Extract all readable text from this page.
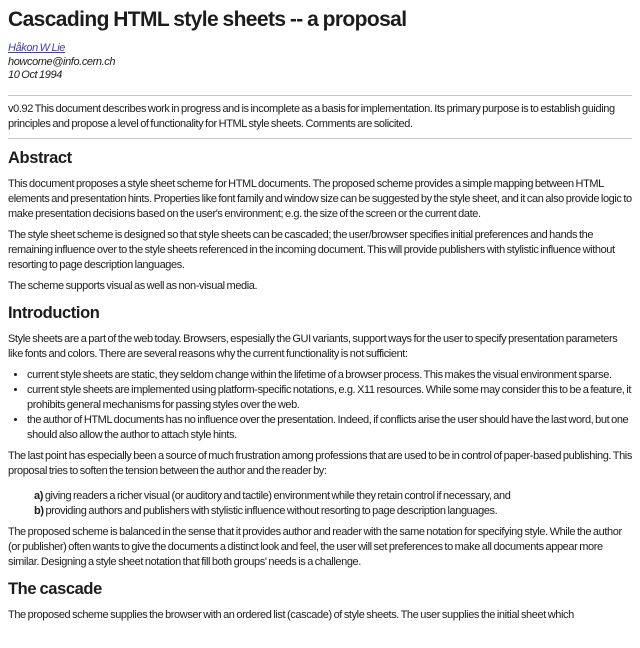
Cascading HTML style sheets -- a proposal
Håkon W Lie
howcome@info.cern.ch
10 Oct 1994

v0.92 This document describes work in progress and is incomplete as a basis for implementation. Its primary purpose is to establish guiding principles and propose a level of functionality for HTML style sheets. Comments are solicited.

Abstract

This document proposes a style sheet scheme for HTML documents. The proposed scheme provides a simple mapping between HTML elements and presentation hints. Properties like font family and window size can be suggested by the style sheet, and it can also provide logic to make presentation decisions based on the user's environment; e.g. the size of the screen or the current date.

The style sheet scheme is designed so that style sheets can be cascaded; the user/browser specifies initial preferences and hands the remaining influence over to the style sheets referenced in the incoming document. This will provide publishers with stylistic influence without resorting to page description languages.

The scheme supports visual as well as non-visual media.

Introduction

Style sheets are a part of the web today. Browsers, espesially the GUI variants, support ways for the user to specify presentation parameters like fonts and colors. There are several reasons why the current functionality is not sufficient:

• current style sheets are static, they seldom change within the lifetime of a browser process. This makes the visual environment sparse.
• current style sheets are implemented using platform-specific notations, e.g. X11 resources. While some may consider this to be a feature, it prohibits general mechanisms for passing styles over the web.
• the author of HTML documents has no influence over the presentation. Indeed, if conflicts arise the user should have the last word, but one should also allow the author to attach style hints.

The last point has especially been a source of much frustration among professions that are used to be in control of paper-based publishing. This proposal tries to soften the tension between the author and the reader by:

a) giving readers a richer visual (or auditory and tactile) environment while they retain control if necessary, and
b) providing authors and publishers with stylistic influence without resorting to page description languages.

The proposed scheme is balanced in the sense that it provides author and reader with the same notation for specifying style. While the author (or publisher) often wants to give the documents a distinct look and feel, the user will set preferences to make all documents appear more similar. Designing a style sheet notation that fill both groups' needs is a challenge.

The cascade

The proposed scheme supplies the browser with an ordered list (cascade) of style sheets. The user supplies the initial sheet which
